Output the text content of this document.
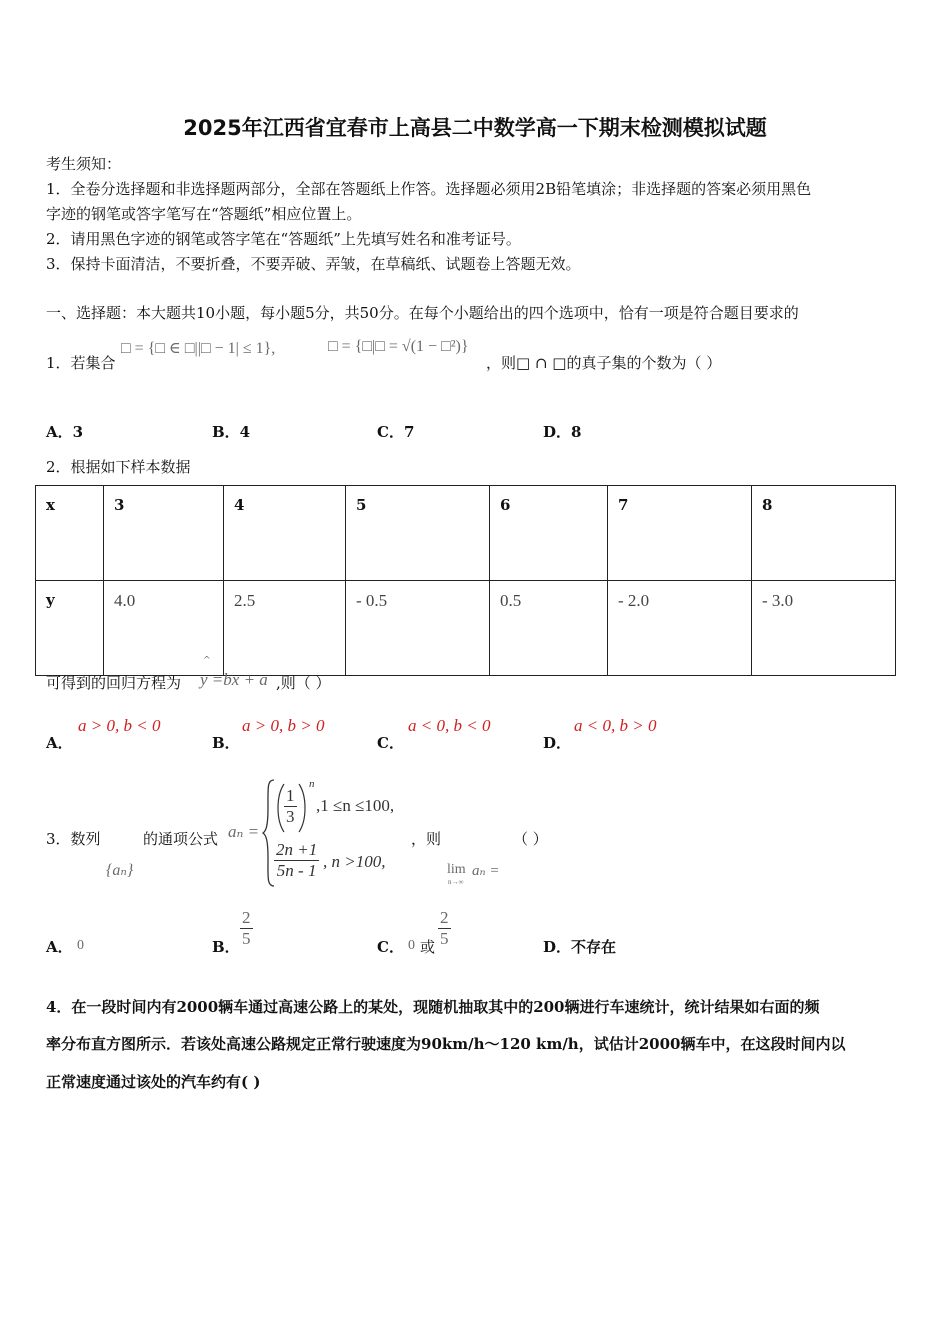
2025年江西省宜春市上高县二中数学高一下期末检测模拟试题
考生须知：
1．全卷分选择题和非选择题两部分，全部在答题纸上作答。选择题必须用2B铅笔填涂；非选择题的答案必须用黑色
字迹的钢笔或答字笔写在“答题纸”相应位置上。
2．请用黑色字迹的钢笔或答字笔在“答题纸”上先填写姓名和准考证号。
3．保持卡面清洁，不要折叠，不要弄破、弄皱，在草稿纸、试题卷上答题无效。
一、选择题：本大题共10小题，每小题5分，共50分。在每个小题给出的四个选项中，恰有一项是符合题目要求的
1．若集合
□ = {□ ∈ □||□ − 1| ≤ 1},	□ = {□|□ = √(1 − □²)}
，则□ ∩ □的真子集的个数为（ ）
A．3	B．4	C．7	D．8
2．根据如下样本数据
x	3	4	5	6	7	8
y	4.0	2.5	- 0.5	0.5	- 2.0	- 3.0
可得到的回归方程为
^
y =bx + a ,则（ ）
A．
a > 0, b < 0
B．
a > 0, b > 0
C．
a < 0, b < 0
D．
a < 0, b > 0
3．数列
{aₙ}
的通项公式 aₙ =
$\frac{1}{3}$
n
,1 ≤n ≤100,
$\frac{2n +1}{5n - 1}$ , n >100,
，则	（ ）
lim
n→∞
aₙ =
A． 0	B． $\frac{2}{5}$	C． 0 或 $\frac{2}{5}$	D．不存在
4．在一段时间内有2000辆车通过高速公路上的某处，现随机抽取其中的200辆进行车速统计，统计结果如右面的频
率分布直方图所示．若该处高速公路规定正常行驶速度为90km/h～120 km/h，试估计2000辆车中，在这段时间内以
正常速度通过该处的汽车约有( )
